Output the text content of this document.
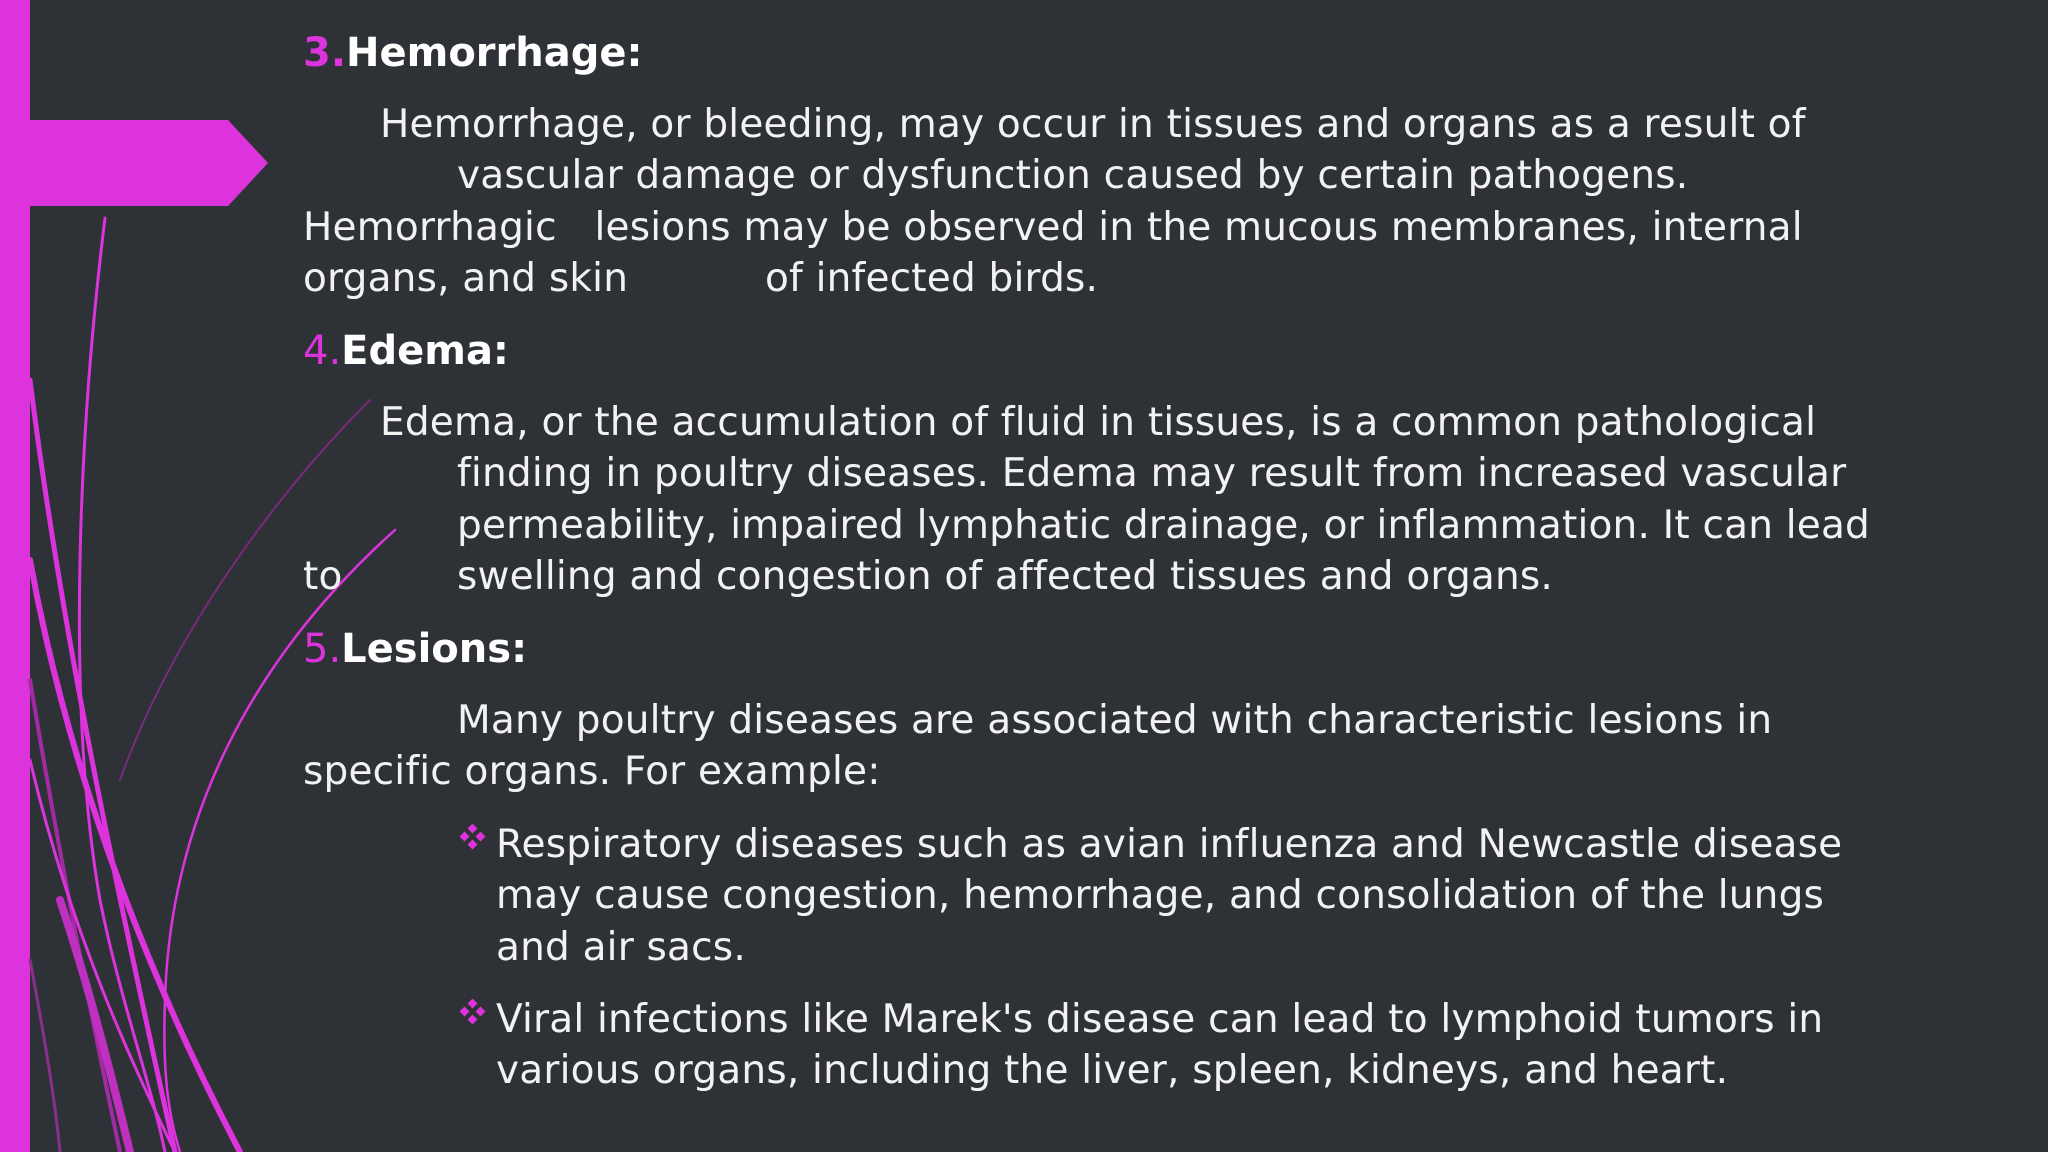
3.Hemorrhage:
Hemorrhage, or bleeding, may occur in tissues and organs as a result of
vascular damage or dysfunction caused by certain pathogens.
Hemorrhagic   lesions may be observed in the mucous membranes, internal
organs, and skin	of infected birds.
4.Edema:
Edema, or the accumulation of fluid in tissues, is a common pathological
finding in poultry diseases. Edema may result from increased vascular
permeability, impaired lymphatic drainage, or inflammation. It can lead
to	swelling and congestion of affected tissues and organs.
5.Lesions:
Many poultry diseases are associated with characteristic lesions in
specific organs. For example:
Respiratory diseases such as avian influenza and Newcastle disease
may cause congestion, hemorrhage, and consolidation of the lungs
and air sacs.
Viral infections like Marek's disease can lead to lymphoid tumors in
various organs, including the liver, spleen, kidneys, and heart.
